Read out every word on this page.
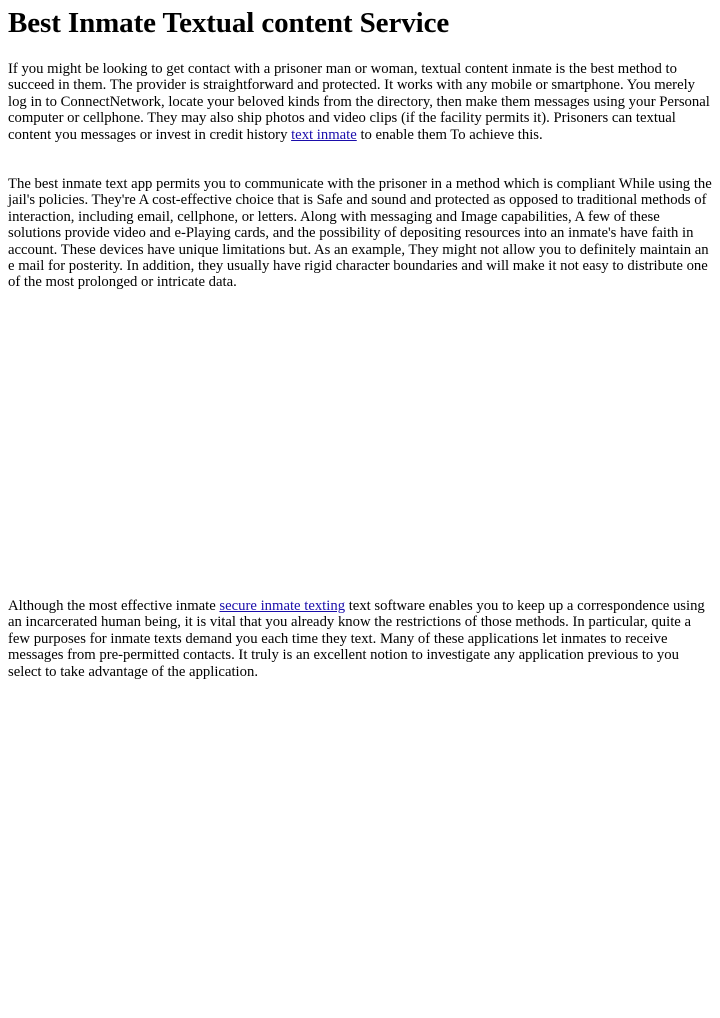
Best Inmate Textual content Service

If you might be looking to get contact with a prisoner man or woman, textual content inmate is the best method to succeed in them. The provider is straightforward and protected. It works with any mobile or smartphone. You merely log in to ConnectNetwork, locate your beloved kinds from the directory, then make them messages using your Personal computer or cellphone. They may also ship photos and video clips (if the facility permits it). Prisoners can textual content you messages or invest in credit history text inmate to enable them To achieve this.

The best inmate text app permits you to communicate with the prisoner in a method which is compliant While using the jail's policies. They're A cost-effective choice that is Safe and sound and protected as opposed to traditional methods of interaction, including email, cellphone, or letters. Along with messaging and Image capabilities, A few of these solutions provide video and e-Playing cards, and the possibility of depositing resources into an inmate's have faith in account. These devices have unique limitations but. As an example, They might not allow you to definitely maintain an e mail for posterity. In addition, they usually have rigid character boundaries and will make it not easy to distribute one of the most prolonged or intricate data.

Although the most effective inmate secure inmate texting text software enables you to keep up a correspondence using an incarcerated human being, it is vital that you already know the restrictions of those methods. In particular, quite a few purposes for inmate texts demand you each time they text. Many of these applications let inmates to receive messages from pre-permitted contacts. It truly is an excellent notion to investigate any application previous to you select to take advantage of the application.
